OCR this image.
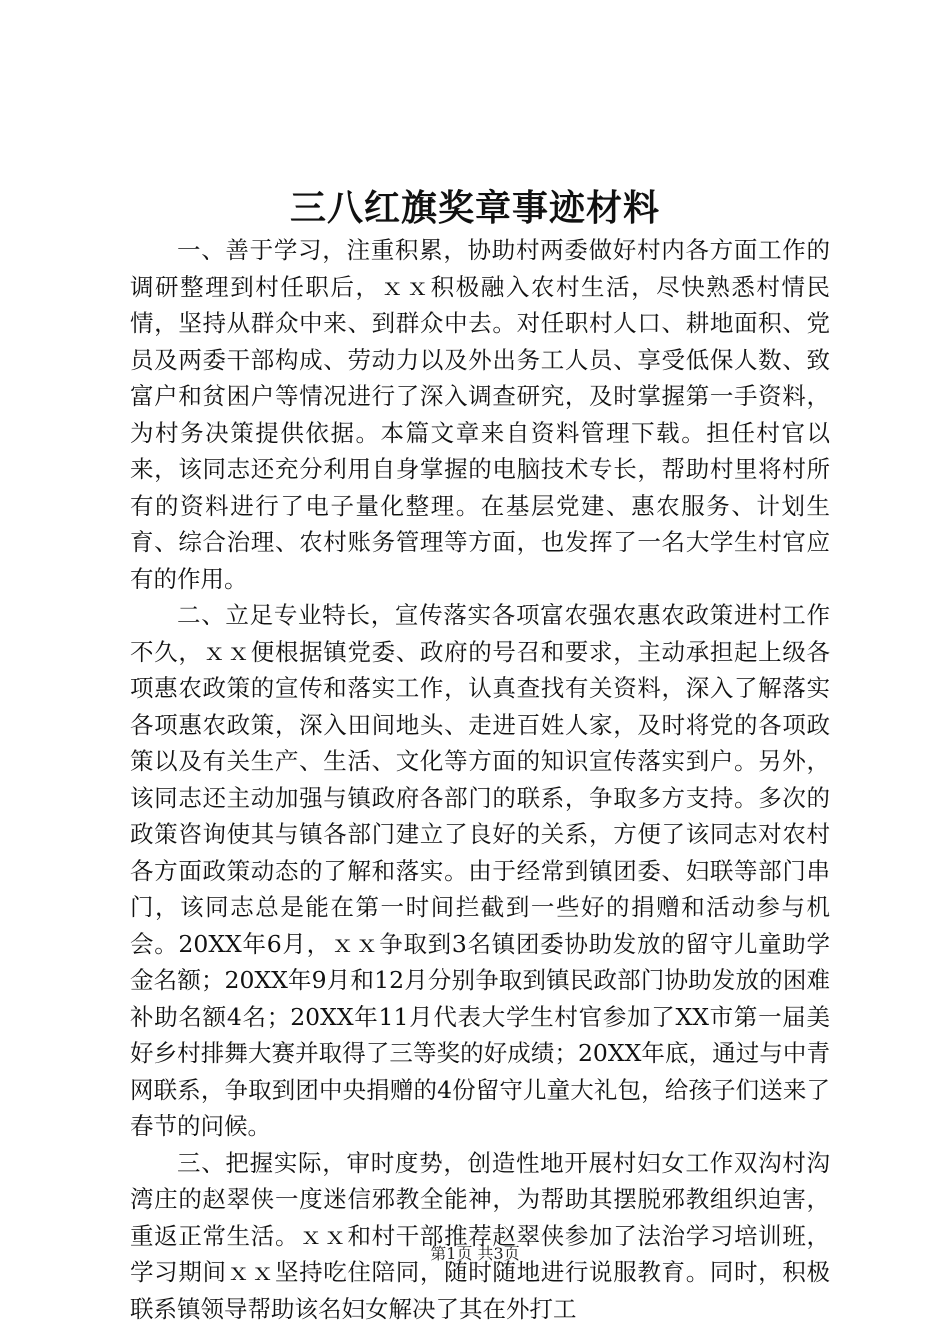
三八红旗奖章事迹材料

一、善于学习，注重积累，协助村两委做好村内各方面工作的调研整理到村任职后，ｘｘ积极融入农村生活，尽快熟悉村情民情，坚持从群众中来、到群众中去。对任职村人口、耕地面积、党员及两委干部构成、劳动力以及外出务工人员、享受低保人数、致富户和贫困户等情况进行了深入调查研究，及时掌握第一手资料，为村务决策提供依据。本篇文章来自资料管理下载。担任村官以来，该同志还充分利用自身掌握的电脑技术专长，帮助村里将村所有的资料进行了电子量化整理。在基层党建、惠农服务、计划生育、综合治理、农村账务管理等方面，也发挥了一名大学生村官应有的作用。

二、立足专业特长，宣传落实各项富农强农惠农政策进村工作不久，ｘｘ便根据镇党委、政府的号召和要求，主动承担起上级各项惠农政策的宣传和落实工作，认真查找有关资料，深入了解落实各项惠农政策，深入田间地头、走进百姓人家，及时将党的各项政策以及有关生产、生活、文化等方面的知识宣传落实到户。另外，该同志还主动加强与镇政府各部门的联系，争取多方支持。多次的政策咨询使其与镇各部门建立了良好的关系，方便了该同志对农村各方面政策动态的了解和落实。由于经常到镇团委、妇联等部门串门，该同志总是能在第一时间拦截到一些好的捐赠和活动参与机会。20XX年6月，ｘｘ争取到3名镇团委协助发放的留守儿童助学金名额；20XX年9月和12月分别争取到镇民政部门协助发放的困难补助名额4名；20XX年11月代表大学生村官参加了XX市第一届美好乡村排舞大赛并取得了三等奖的好成绩；20XX年底，通过与中青网联系，争取到团中央捐赠的4份留守儿童大礼包，给孩子们送来了春节的问候。

三、把握实际，审时度势，创造性地开展村妇女工作双沟村沟湾庄的赵翠侠一度迷信邪教全能神，为帮助其摆脱邪教组织迫害，重返正常生活。ｘｘ和村干部推荐赵翠侠参加了法治学习培训班，学习期间ｘｘ坚持吃住陪同，随时随地进行说服教育。同时，积极联系镇领导帮助该名妇女解决了其在外打工

第1页 共3页
